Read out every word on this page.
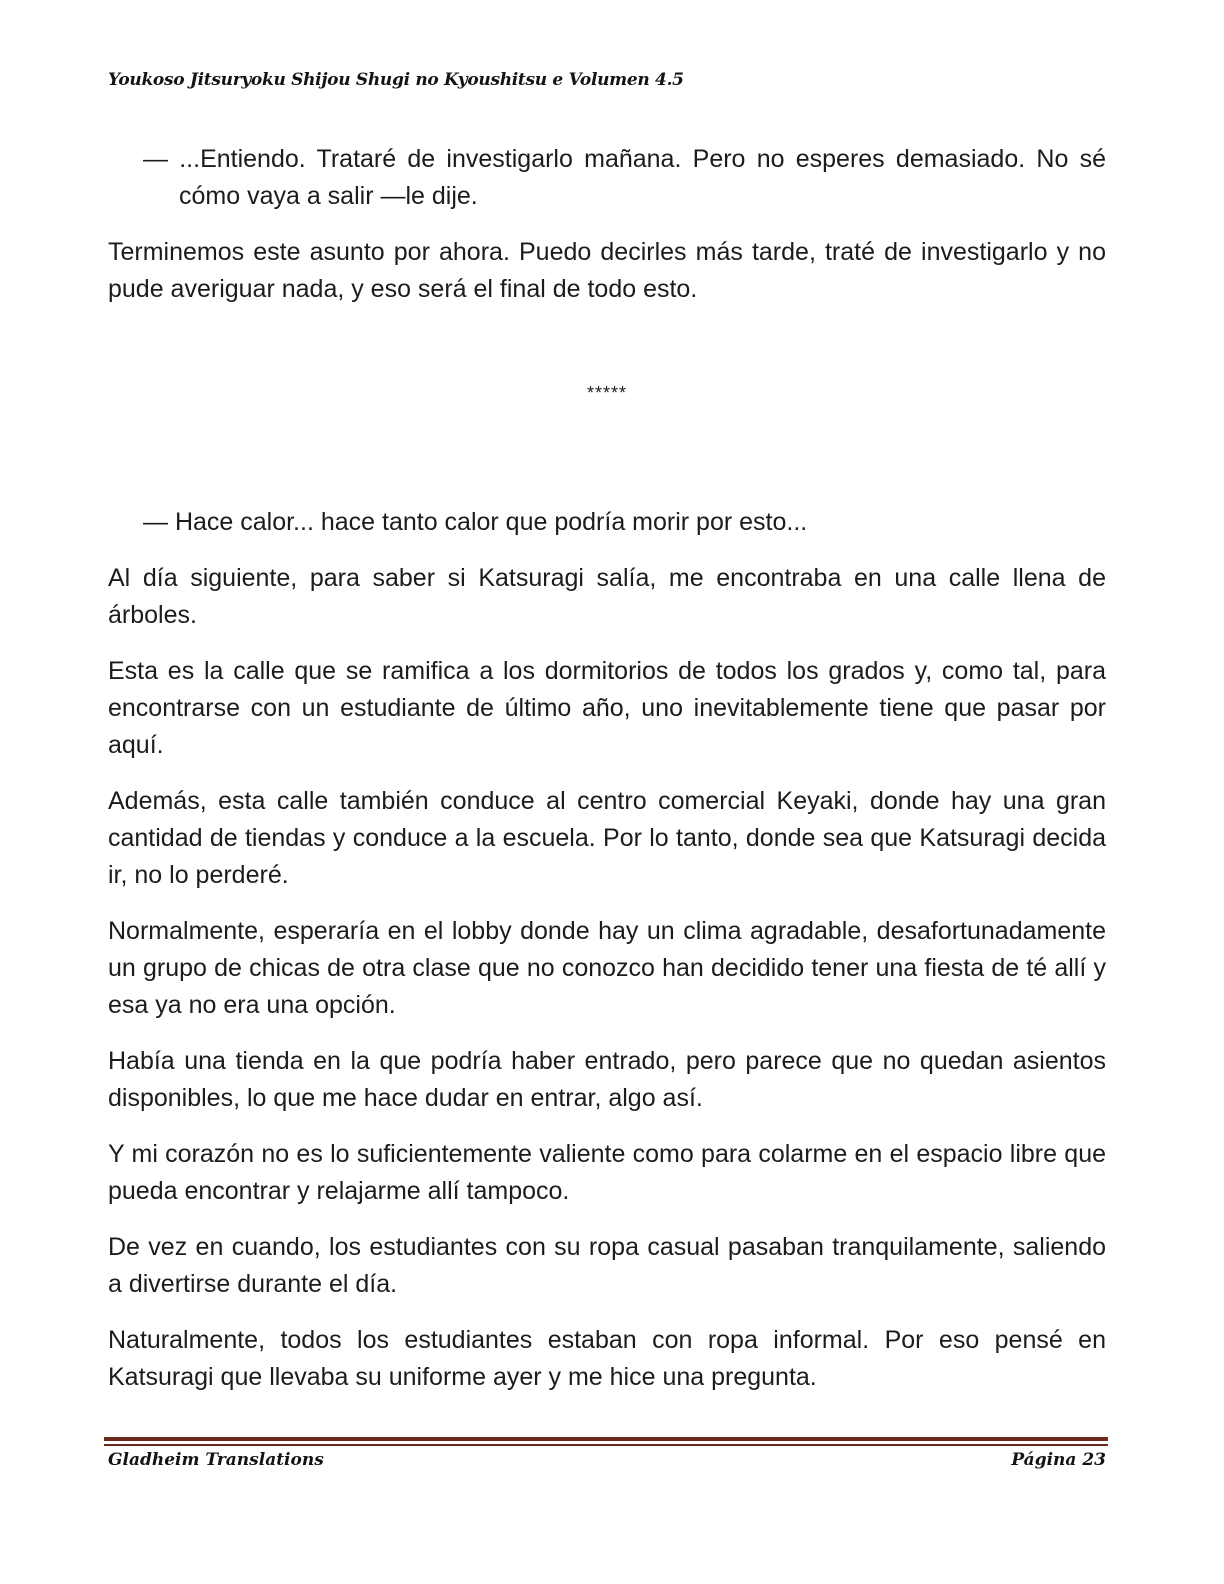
Youkoso Jitsuryoku Shijou Shugi no Kyoushitsu e Volumen 4.5

— ...Entiendo. Trataré de investigarlo mañana. Pero no esperes demasiado. No sé cómo vaya a salir —le dije.

Terminemos este asunto por ahora. Puedo decirles más tarde, traté de investigarlo y no pude averiguar nada, y eso será el final de todo esto.

*****

— Hace calor... hace tanto calor que podría morir por esto...

Al día siguiente, para saber si Katsuragi salía, me encontraba en una calle llena de árboles.

Esta es la calle que se ramifica a los dormitorios de todos los grados y, como tal, para encontrarse con un estudiante de último año, uno inevitablemente tiene que pasar por aquí.

Además, esta calle también conduce al centro comercial Keyaki, donde hay una gran cantidad de tiendas y conduce a la escuela. Por lo tanto, donde sea que Katsuragi decida ir, no lo perderé.

Normalmente, esperaría en el lobby donde hay un clima agradable, desafortunadamente un grupo de chicas de otra clase que no conozco han decidido tener una fiesta de té allí y esa ya no era una opción.

Había una tienda en la que podría haber entrado, pero parece que no quedan asientos disponibles, lo que me hace dudar en entrar, algo así.

Y mi corazón no es lo suficientemente valiente como para colarme en el espacio libre que pueda encontrar y relajarme allí tampoco.

De vez en cuando, los estudiantes con su ropa casual pasaban tranquilamente, saliendo a divertirse durante el día.

Naturalmente, todos los estudiantes estaban con ropa informal. Por eso pensé en Katsuragi que llevaba su uniforme ayer y me hice una pregunta.

Gladheim Translations	Página 23
